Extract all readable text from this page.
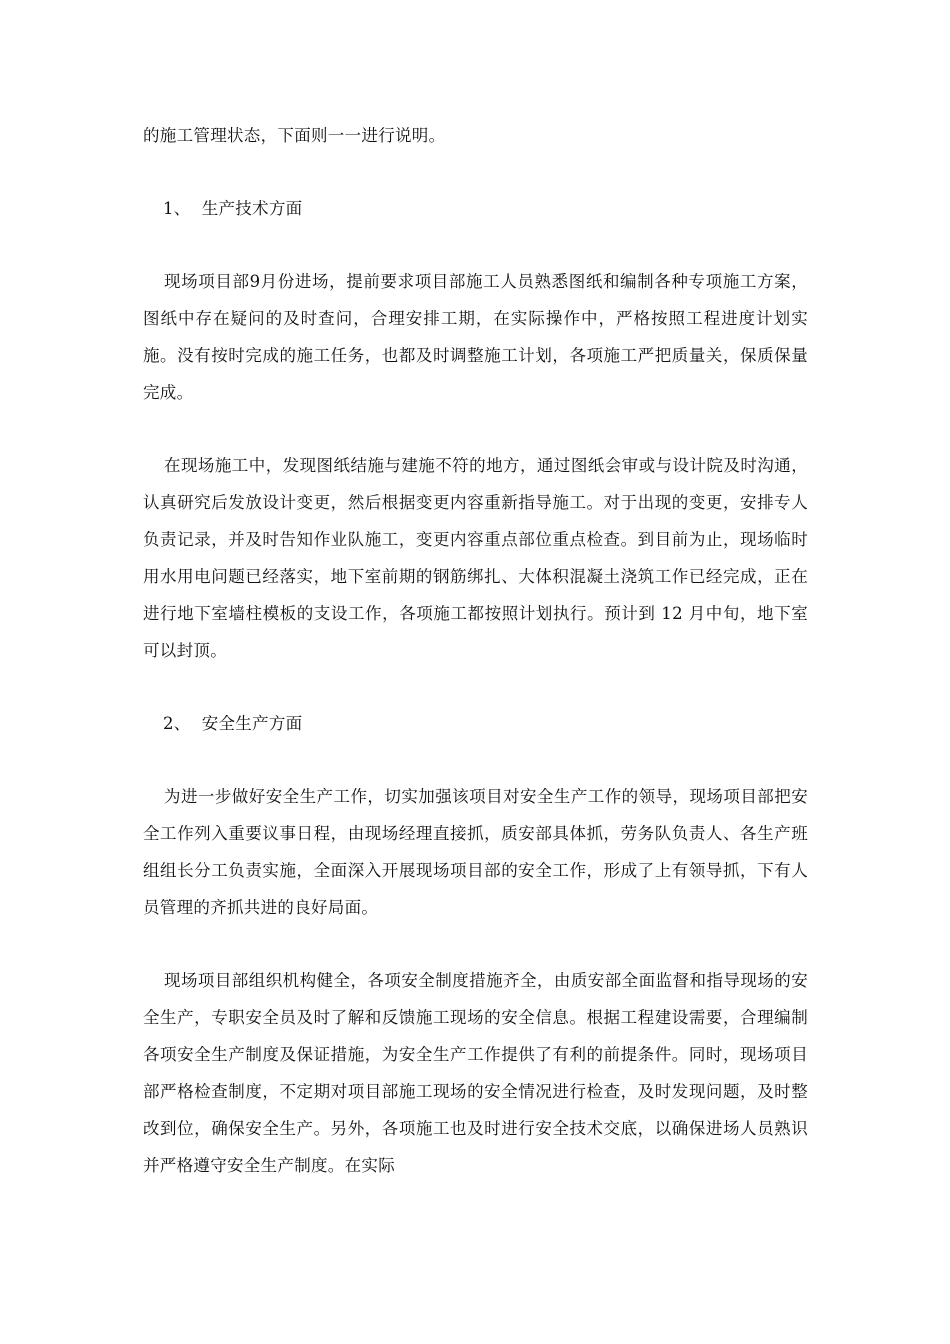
的施工管理状态，下面则一一进行说明。

1、  生产技术方面

现场项目部9月份进场，提前要求项目部施工人员熟悉图纸和编制各种专项施工方案，图纸中存在疑问的及时查问，合理安排工期，在实际操作中，严格按照工程进度计划实施。没有按时完成的施工任务，也都及时调整施工计划，各项施工严把质量关，保质保量完成。

在现场施工中，发现图纸结施与建施不符的地方，通过图纸会审或与设计院及时沟通，认真研究后发放设计变更，然后根据变更内容重新指导施工。对于出现的变更，安排专人负责记录，并及时告知作业队施工，变更内容重点部位重点检查。到目前为止，现场临时用水用电问题已经落实，地下室前期的钢筋绑扎、大体积混凝土浇筑工作已经完成，正在进行地下室墙柱模板的支设工作，各项施工都按照计划执行。预计到 12 月中旬，地下室可以封顶。

2、  安全生产方面

为进一步做好安全生产工作，切实加强该项目对安全生产工作的领导，现场项目部把安全工作列入重要议事日程，由现场经理直接抓，质安部具体抓，劳务队负责人、各生产班组组长分工负责实施，全面深入开展现场项目部的安全工作，形成了上有领导抓，下有人员管理的齐抓共进的良好局面。

现场项目部组织机构健全，各项安全制度措施齐全，由质安部全面监督和指导现场的安全生产，专职安全员及时了解和反馈施工现场的安全信息。根据工程建设需要，合理编制各项安全生产制度及保证措施，为安全生产工作提供了有利的前提条件。同时，现场项目部严格检查制度，不定期对项目部施工现场的安全情况进行检查，及时发现问题，及时整改到位，确保安全生产。另外，各项施工也及时进行安全技术交底，以确保进场人员熟识并严格遵守安全生产制度。在实际
